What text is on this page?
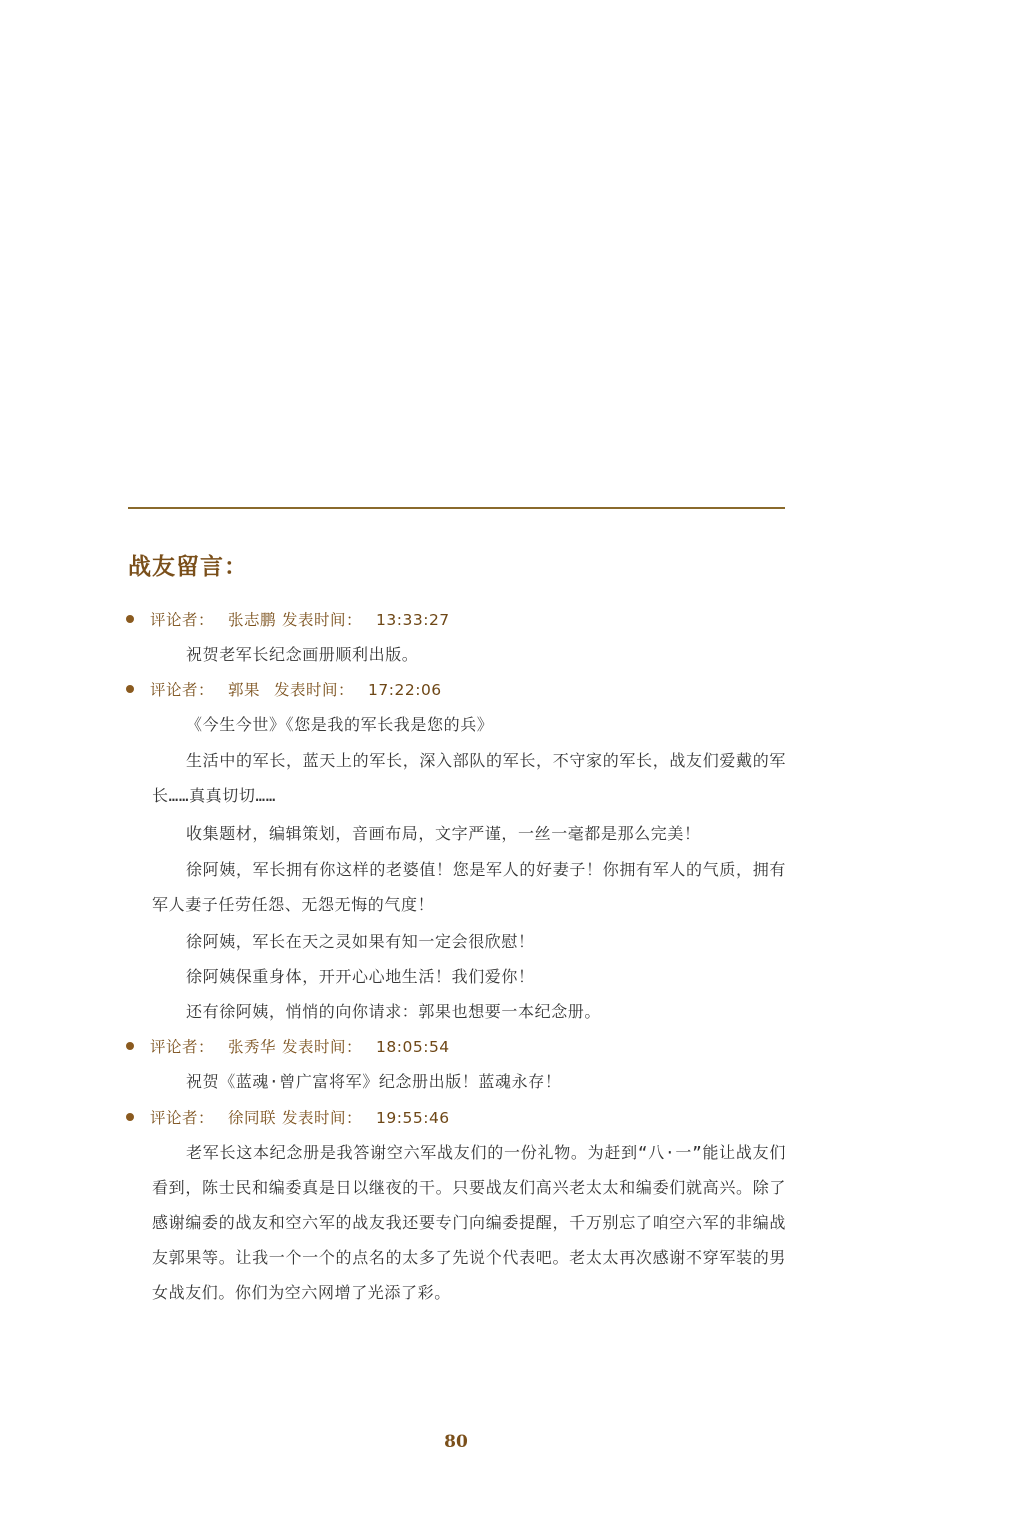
战友留言：
评论者： 张志鹏 发表时间： 13:33:27

祝贺老军长纪念画册顺利出版。

评论者： 郭果 发表时间： 17:22:06

《今生今世》《您是我的军长我是您的兵》

生活中的军长，蓝天上的军长，深入部队的军长，不守家的军长，战友们爱戴的军长……真真切切……

收集题材，编辑策划，音画布局，文字严谨，一丝一毫都是那么完美！

徐阿姨，军长拥有你这样的老婆值！您是军人的好妻子！你拥有军人的气质，拥有军人妻子任劳任怨、无怨无悔的气度！

徐阿姨，军长在天之灵如果有知一定会很欣慰！

徐阿姨保重身体，开开心心地生活！我们爱你！

还有徐阿姨，悄悄的向你请求：郭果也想要一本纪念册。

评论者： 张秀华 发表时间： 18:05:54

祝贺《蓝魂·曾广富将军》纪念册出版！蓝魂永存！

评论者： 徐同联 发表时间： 19:55:46

老军长这本纪念册是我答谢空六军战友们的一份礼物。为赶到“八·一”能让战友们看到，陈士民和编委真是日以继夜的干。只要战友们高兴老太太和编委们就高兴。除了感谢编委的战友和空六军的战友我还要专门向编委提醒，千万别忘了咱空六军的非编战友郭果等。让我一个一个的点名的太多了先说个代表吧。老太太再次感谢不穿军装的男女战友们。你们为空六网增了光添了彩。

80
